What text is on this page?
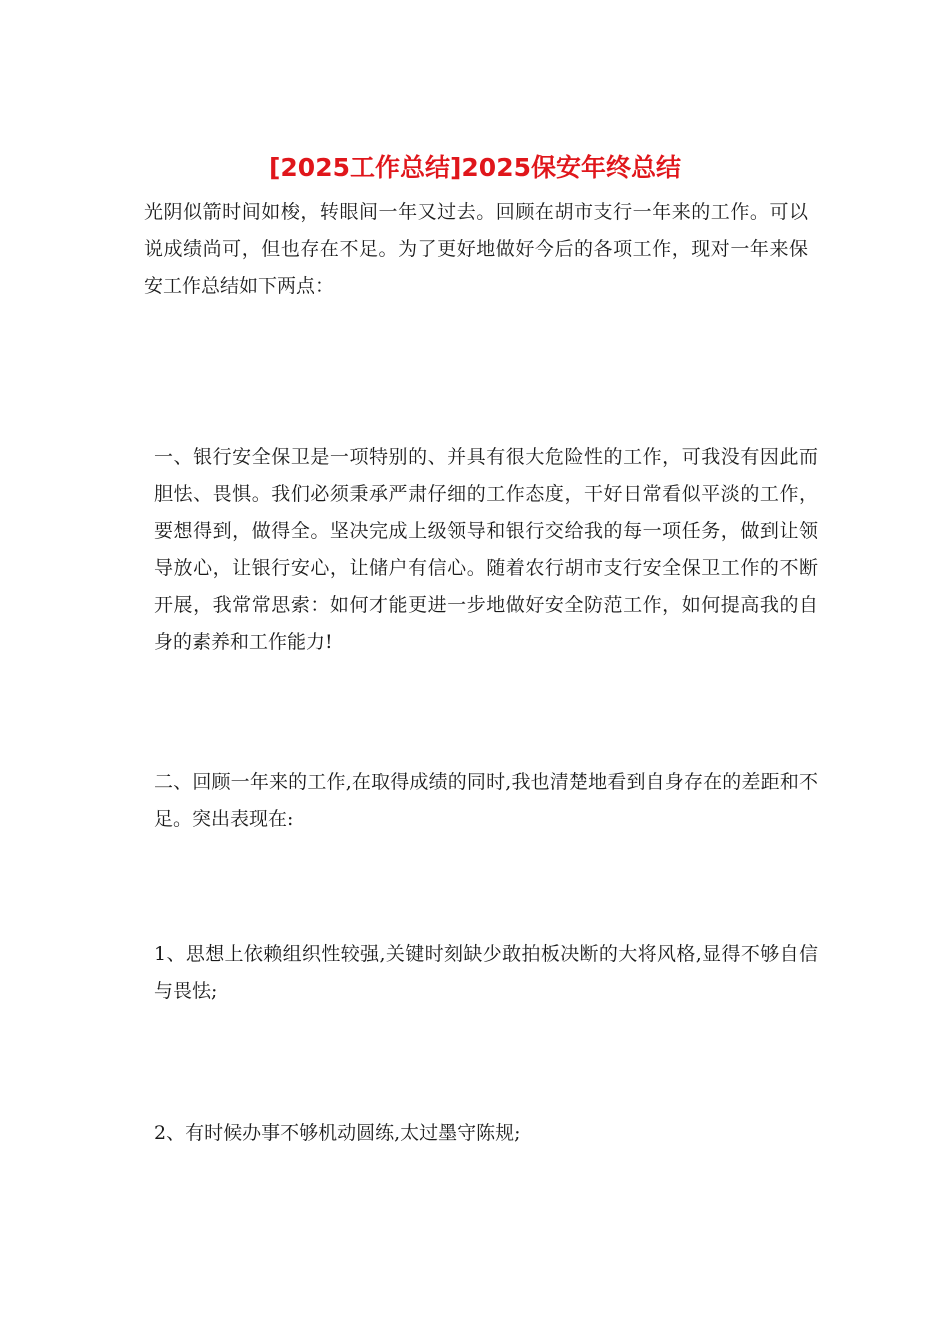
[2025工作总结]2025保安年终总结

光阴似箭时间如梭，转眼间一年又过去。回顾在胡市支行一年来的工作。可以说成绩尚可，但也存在不足。为了更好地做好今后的各项工作，现对一年来保安工作总结如下两点：

一、银行安全保卫是一项特别的、并具有很大危险性的工作，可我没有因此而胆怯、畏惧。我们必须秉承严肃仔细的工作态度，干好日常看似平淡的工作，要想得到，做得全。坚决完成上级领导和银行交给我的每一项任务，做到让领导放心，让银行安心，让储户有信心。随着农行胡市支行安全保卫工作的不断开展，我常常思索：如何才能更进一步地做好安全防范工作，如何提高我的自身的素养和工作能力!

二、回顾一年来的工作,在取得成绩的同时,我也清楚地看到自身存在的差距和不足。突出表现在:

1、思想上依赖组织性较强,关键时刻缺少敢拍板决断的大将风格,显得不够自信与畏怯;

2、有时候办事不够机动圆练,太过墨守陈规;
